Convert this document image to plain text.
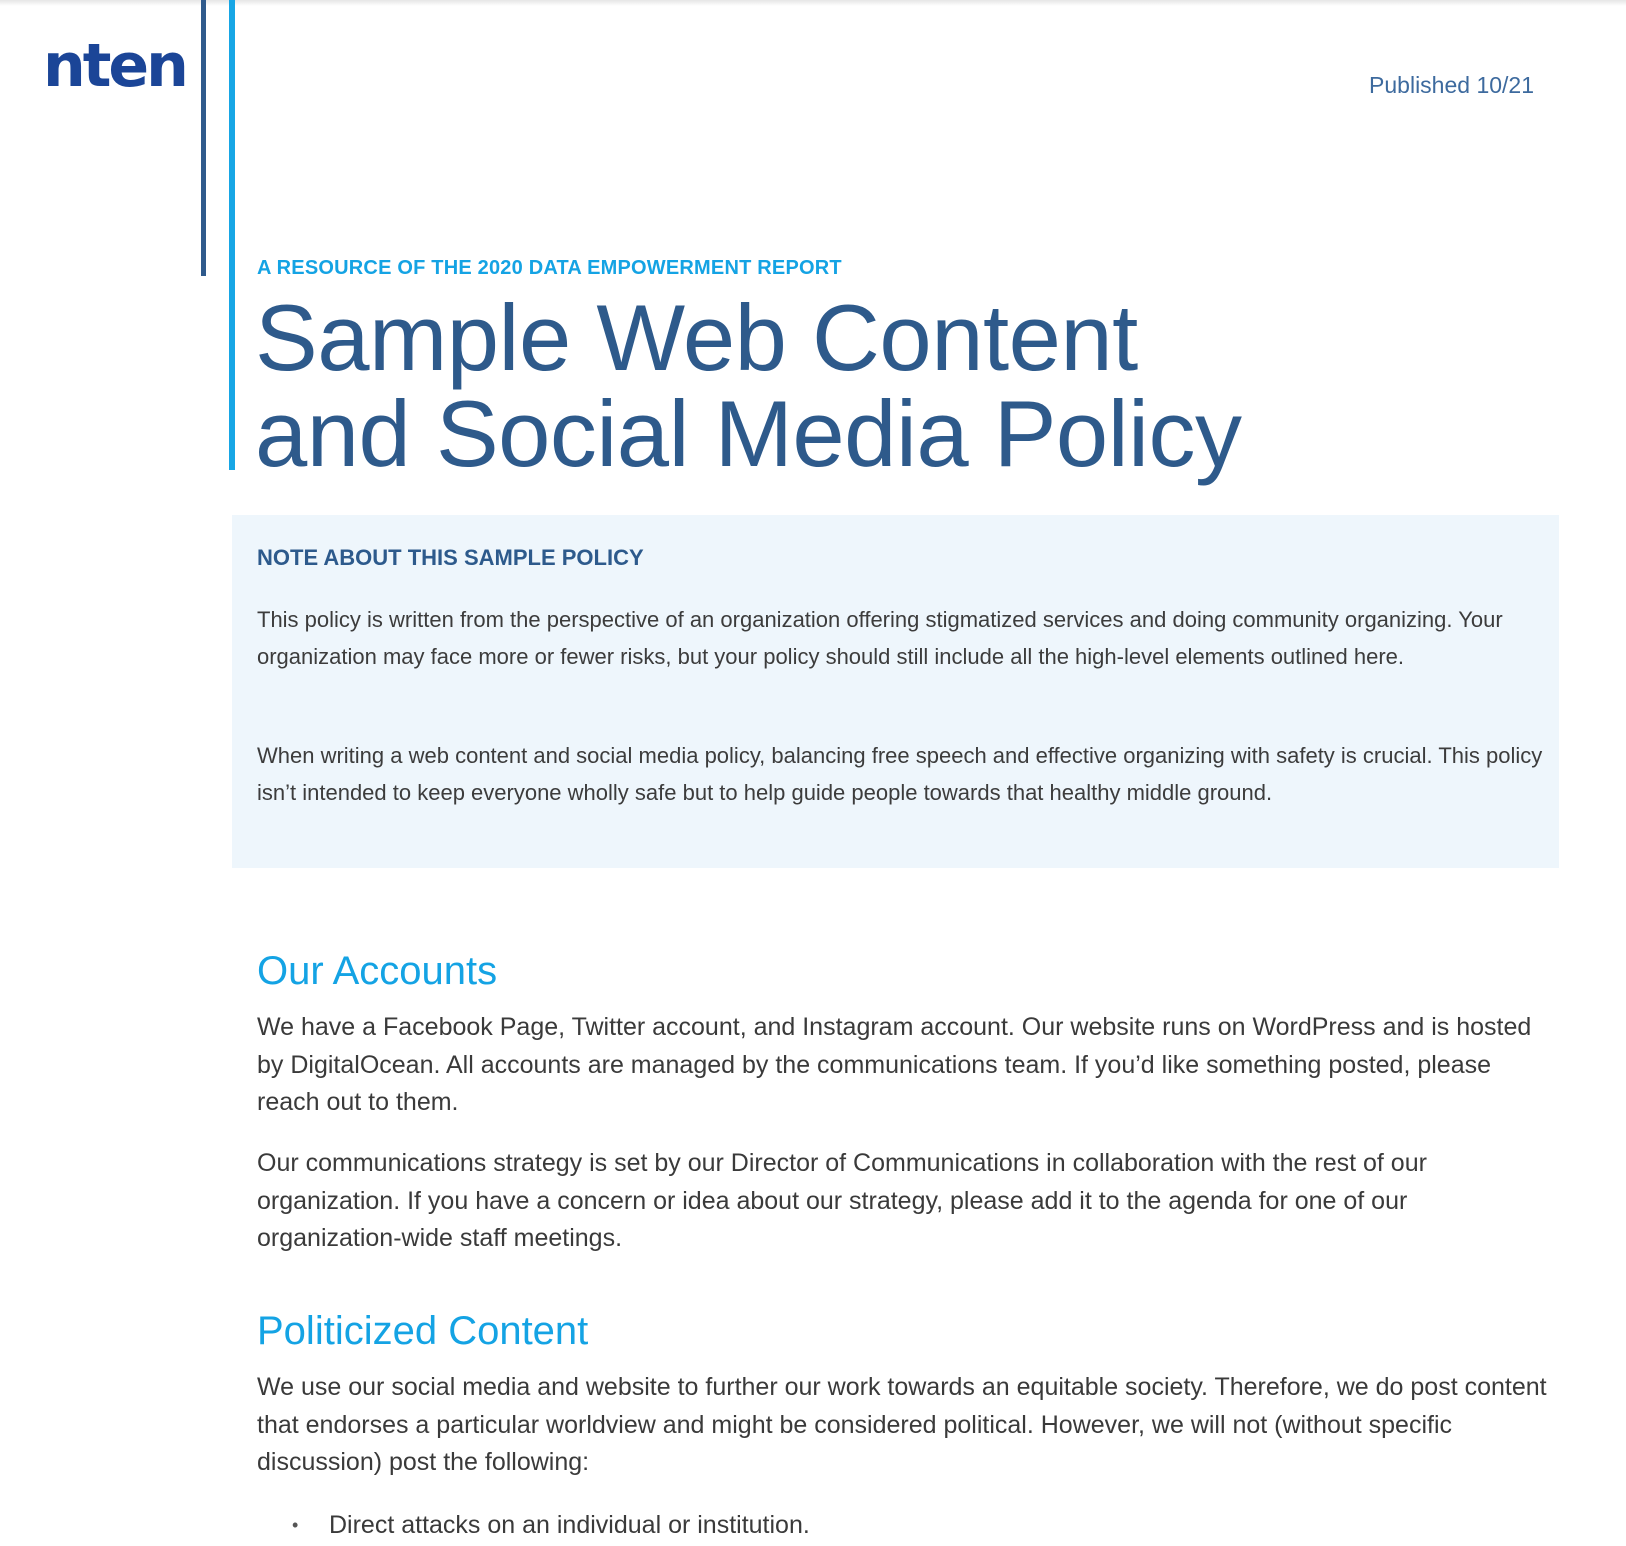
nten	Published 10/21
A RESOURCE OF THE 2020 DATA EMPOWERMENT REPORT
Sample Web Content
and Social Media Policy
NOTE ABOUT THIS SAMPLE POLICY

This policy is written from the perspective of an organization offering stigmatized services and doing community organizing. Your organization may face more or fewer risks, but your policy should still include all the high-level elements outlined here.

When writing a web content and social media policy, balancing free speech and effective organizing with safety is crucial. This policy isn’t intended to keep everyone wholly safe but to help guide people towards that healthy middle ground.

Our Accounts

We have a Facebook Page, Twitter account, and Instagram account. Our website runs on WordPress and is hosted by DigitalOcean. All accounts are managed by the communications team. If you’d like something posted, please reach out to them.

Our communications strategy is set by our Director of Communications in collaboration with the rest of our organization. If you have a concern or idea about our strategy, please add it to the agenda for one of our organization-wide staff meetings.

Politicized Content

We use our social media and website to further our work towards an equitable society. Therefore, we do post content that endorses a particular worldview and might be considered political. However, we will not (without specific discussion) post the following:

• Direct attacks on an individual or institution.
